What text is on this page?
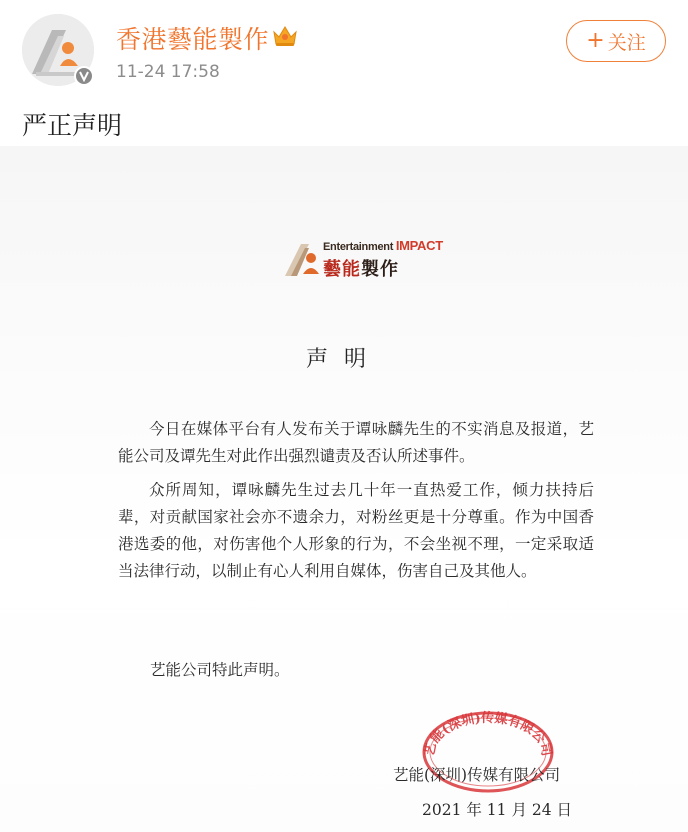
香港藝能製作
11-24 17:58
+ 关注
严正声明
Entertainment IMPACT
藝能製作
声明

今日在媒体平台有人发布关于谭咏麟先生的不实消息及报道，艺能公司及谭先生对此作出强烈谴责及否认所述事件。

众所周知，谭咏麟先生过去几十年一直热爱工作，倾力扶持后辈，对贡献国家社会亦不遗余力，对粉丝更是十分尊重。作为中国香港选委的他，对伤害他个人形象的行为，不会坐视不理，一定采取适当法律行动，以制止有心人利用自媒体，伤害自己及其他人。

艺能公司特此声明。
艺能(深圳)传媒有限公司
艺能(深圳)传媒有限公司
2021 年 11 月 24 日
